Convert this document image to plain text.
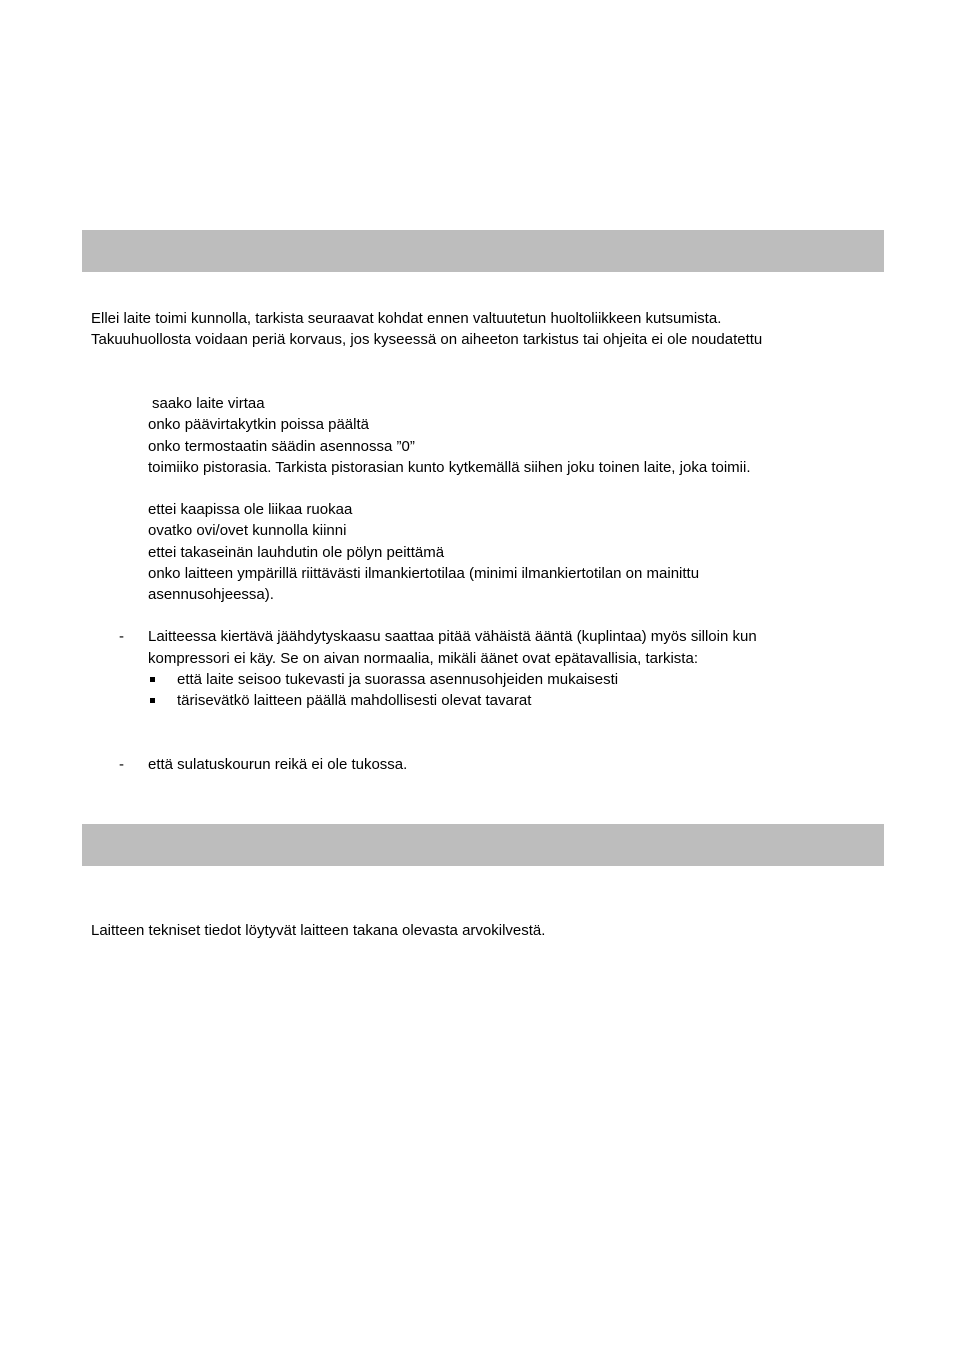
Ellei laite toimi kunnolla, tarkista seuraavat kohdat ennen valtuutetun huoltoliikkeen kutsumista.
Takuuhuollosta voidaan periä korvaus, jos kyseessä on aiheeton tarkistus tai ohjeita ei ole noudatettu
saako laite virtaa
onko päävirtakytkin poissa päältä
onko termostaatin säädin asennossa ”0”
toimiiko pistorasia. Tarkista pistorasian kunto kytkemällä siihen joku toinen laite, joka toimii.
ettei kaapissa ole liikaa ruokaa
ovatko ovi/ovet kunnolla kiinni
ettei takaseinän lauhdutin ole pölyn peittämä
onko laitteen ympärillä riittävästi ilmankiertotilaa (minimi ilmankiertotilan on mainittu
asennusohjeessa).
- Laitteessa kiertävä jäähdytyskaasu saattaa pitää vähäistä ääntä (kuplintaa) myös silloin kun
kompressori ei käy. Se on aivan normaalia, mikäli äänet ovat epätavallisia, tarkista:
että laite seisoo tukevasti ja suorassa asennusohjeiden mukaisesti
tärisevätkö laitteen päällä mahdollisesti olevat tavarat
- että sulatuskourun reikä ei ole tukossa.
Laitteen tekniset tiedot löytyvät laitteen takana olevasta arvokilvestä.
